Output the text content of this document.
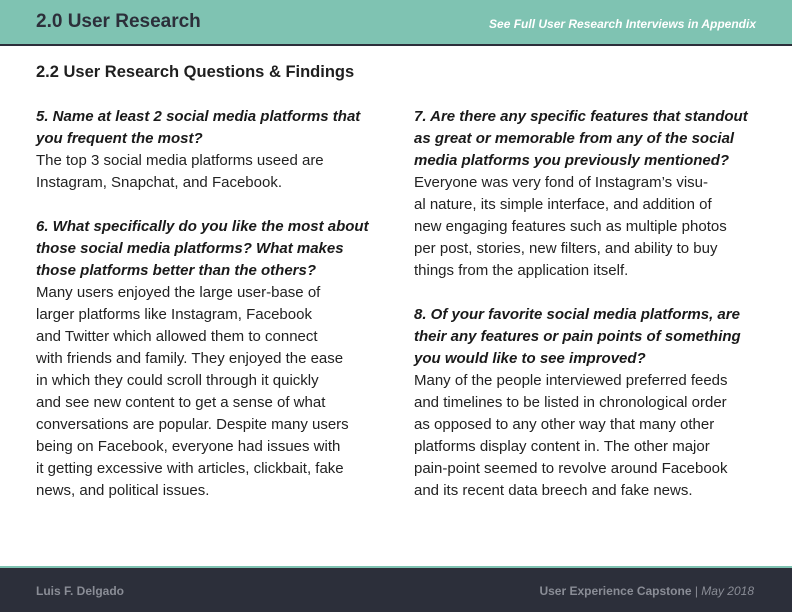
2.0 User Research	See Full User Research Interviews in Appendix
2.2 User Research Questions & Findings
5. Name at least 2 social media platforms that
you frequent the most?
The top 3 social media platforms useed are
Instagram, Snapchat, and Facebook.
6. What specifically do you like the most about
those social media platforms? What makes
those platforms better than the others?
Many users enjoyed the large user-base of
larger platforms like Instagram, Facebook
and Twitter which allowed them to connect
with friends and family. They enjoyed the ease
in which they could scroll through it quickly
and see new content to get a sense of what
conversations are popular. Despite many users
being on Facebook, everyone had issues with
it getting excessive with articles, clickbait, fake
news, and political issues.
7. Are there any specific features that standout
as great or memorable from any of the social
media platforms you previously mentioned?
Everyone was very fond of Instagram’s visu-
al nature, its simple interface, and addition of
new engaging features such as multiple photos
per post, stories, new filters, and ability to buy
things from the application itself.
8. Of your favorite social media platforms, are
their any features or pain points of something
you would like to see improved?
Many of the people interviewed preferred feeds
and timelines to be listed in chronological order
as opposed to any other way that many other
platforms display content in. The other major
pain-point seemed to revolve around Facebook
and its recent data breech and fake news.
Luis F. Delgado	User Experience Capstone | May 2018
